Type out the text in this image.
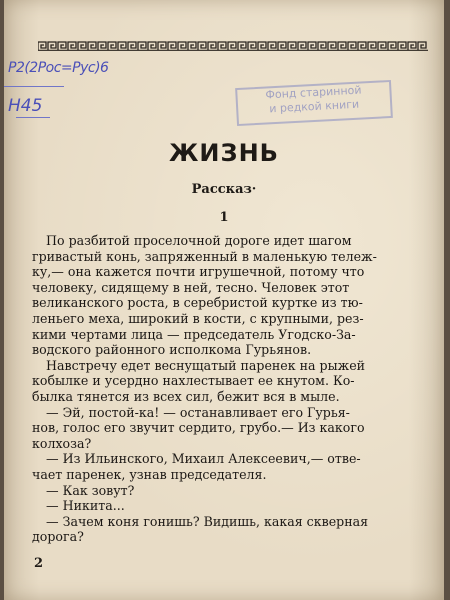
Р2(2Рос=Рус)6
Н45
Фонд старинной
и редкой книги
ЖИЗНЬ
Рассказ·
1
По разбитой проселочной дороге идет шагом
гривастый конь, запряженный в маленькую тележ-
ку,— она кажется почти игрушечной, потому что
человеку, сидящему в ней, тесно. Человек этот
великанского роста, в серебристой куртке из тю-
леньего меха, широкий в кости, с крупными, рез-
кими чертами лица — председатель Угодско-За-
водского районного исполкома Гурьянов.
Навстречу едет веснущатый паренек на рыжей
кобылке и усердно нахлестывает ее кнутом. Ко-
былка тянется из всех сил, бежит вся в мыле.
— Эй, постой-ка! — останавливает его Гурья-
нов, голос его звучит сердито, грубо.— Из какого
колхоза?
— Из Ильинского, Михаил Алексеевич,— отве-
чает паренек, узнав председателя.
— Как зовут?
— Никита...
— Зачем коня гонишь? Видишь, какая скверная
дорога?
2
